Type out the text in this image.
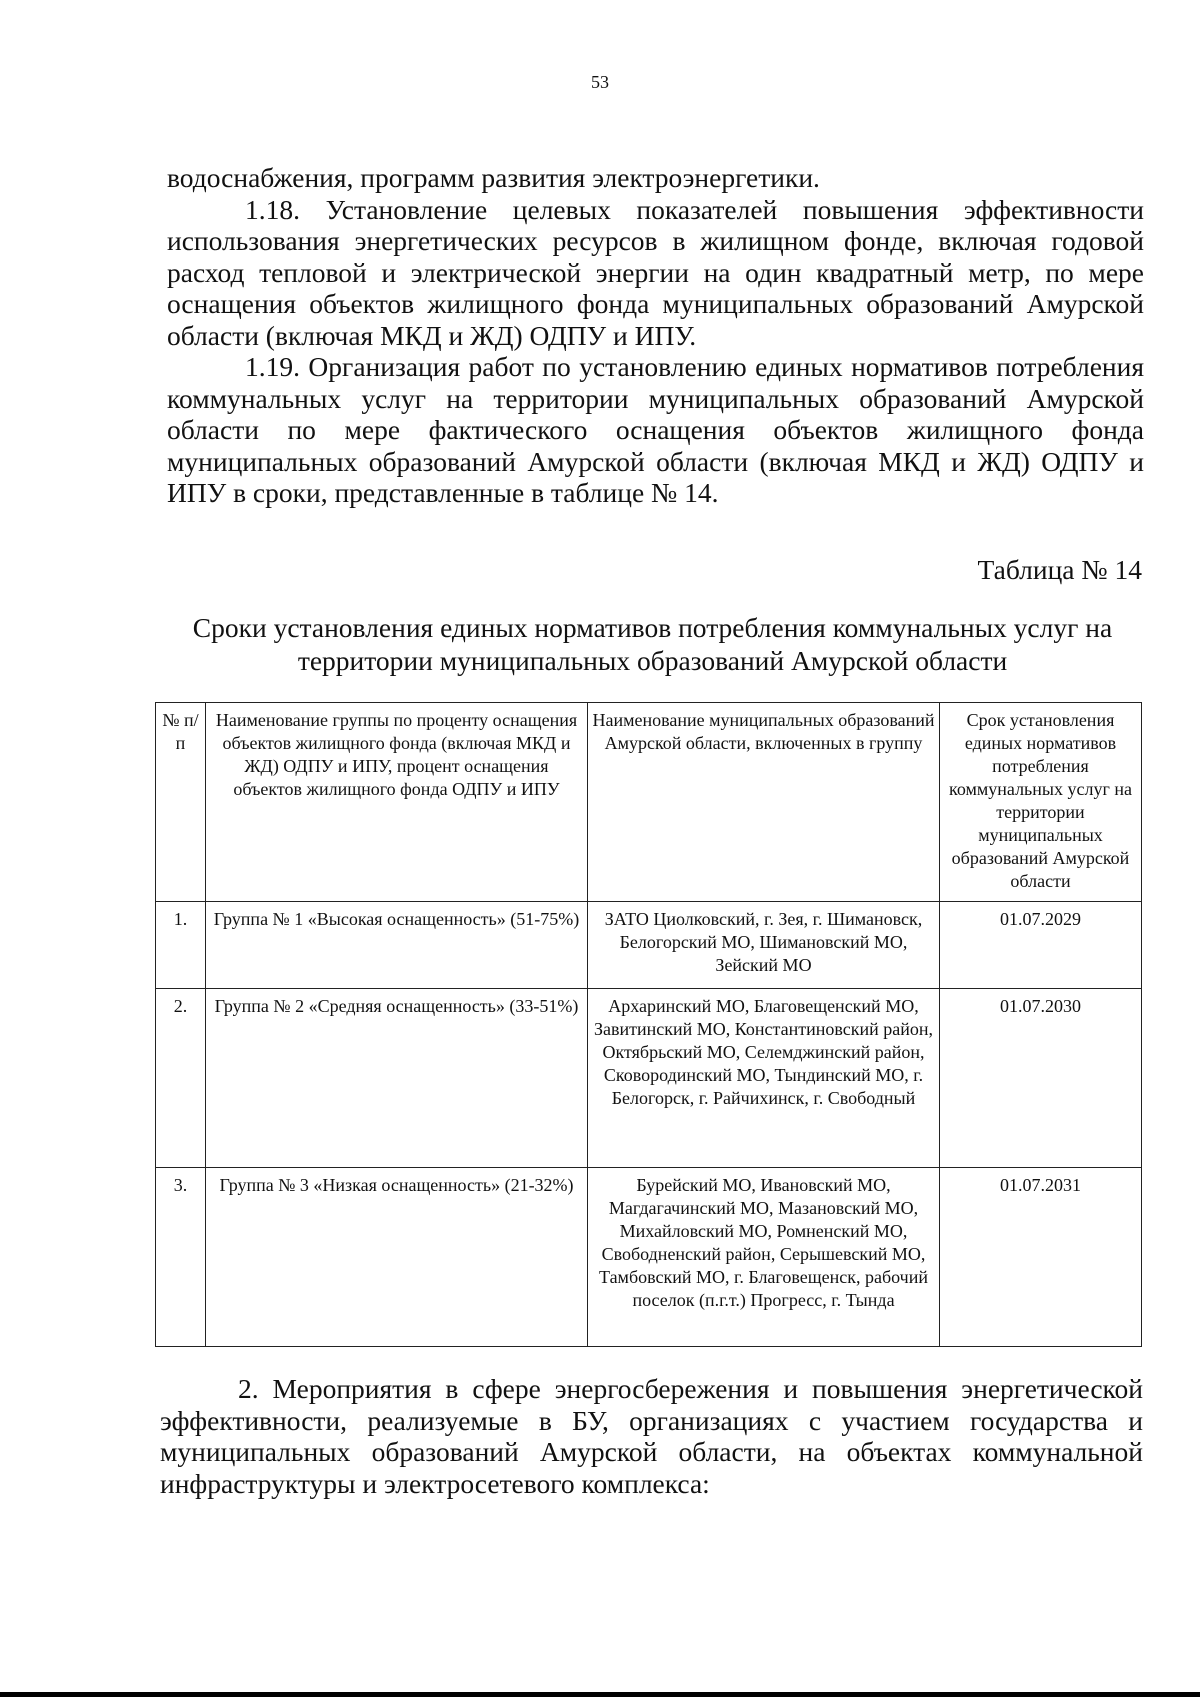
53

водоснабжения, программ развития электроэнергетики.

1.18. Установление целевых показателей повышения эффективности использования энергетических ресурсов в жилищном фонде, включая годовой расход тепловой и электрической энергии на один квадратный метр, по мере оснащения объектов жилищного фонда муниципальных образований Амурской области (включая МКД и ЖД) ОДПУ и ИПУ.

1.19. Организация работ по установлению единых нормативов потребления коммунальных услуг на территории муниципальных образований Амурской области по мере фактического оснащения объектов жилищного фонда муниципальных образований Амурской области (включая МКД и ЖД) ОДПУ и ИПУ в сроки, представленные в таблице № 14.

Таблица № 14
Сроки установления единых нормативов потребления коммунальных услуг на территории муниципальных образований Амурской области
№ п/п	Наименование группы по проценту оснащения объектов жилищного фонда (включая МКД и ЖД) ОДПУ и ИПУ, процент оснащения объектов жилищного фонда ОДПУ и ИПУ	Наименование муниципальных образований Амурской области, включенных в группу	Срок установления единых нормативов потребления коммунальных услуг на территории муниципальных образований Амурской области
1.	Группа № 1 «Высокая оснащенность» (51-75%)	ЗАТО Циолковский, г. Зея, г. Шимановск, Белогорский МО, Шимановский МО, Зейский МО	01.07.2029
2.	Группа № 2 «Средняя оснащенность» (33-51%)	Архаринский МО, Благовещенский МО, Завитинский МО, Константиновский район, Октябрьский МО, Селемджинский район, Сковородинский МО, Тындинский МО, г. Белогорск, г. Райчихинск, г. Свободный	01.07.2030
3.	Группа № 3 «Низкая оснащенность» (21-32%)	Бурейский МО, Ивановский МО, Магдагачинский МО, Мазановский МО, Михайловский МО, Ромненский МО, Свободненский район, Серышевский МО, Тамбовский МО, г. Благовещенск, рабочий поселок (п.г.т.) Прогресс, г. Тында	01.07.2031

2. Мероприятия в сфере энергосбережения и повышения энергетической эффективности, реализуемые в БУ, организациях с участием государства и муниципальных образований Амурской области, на объектах коммунальной инфраструктуры и электросетевого комплекса:
